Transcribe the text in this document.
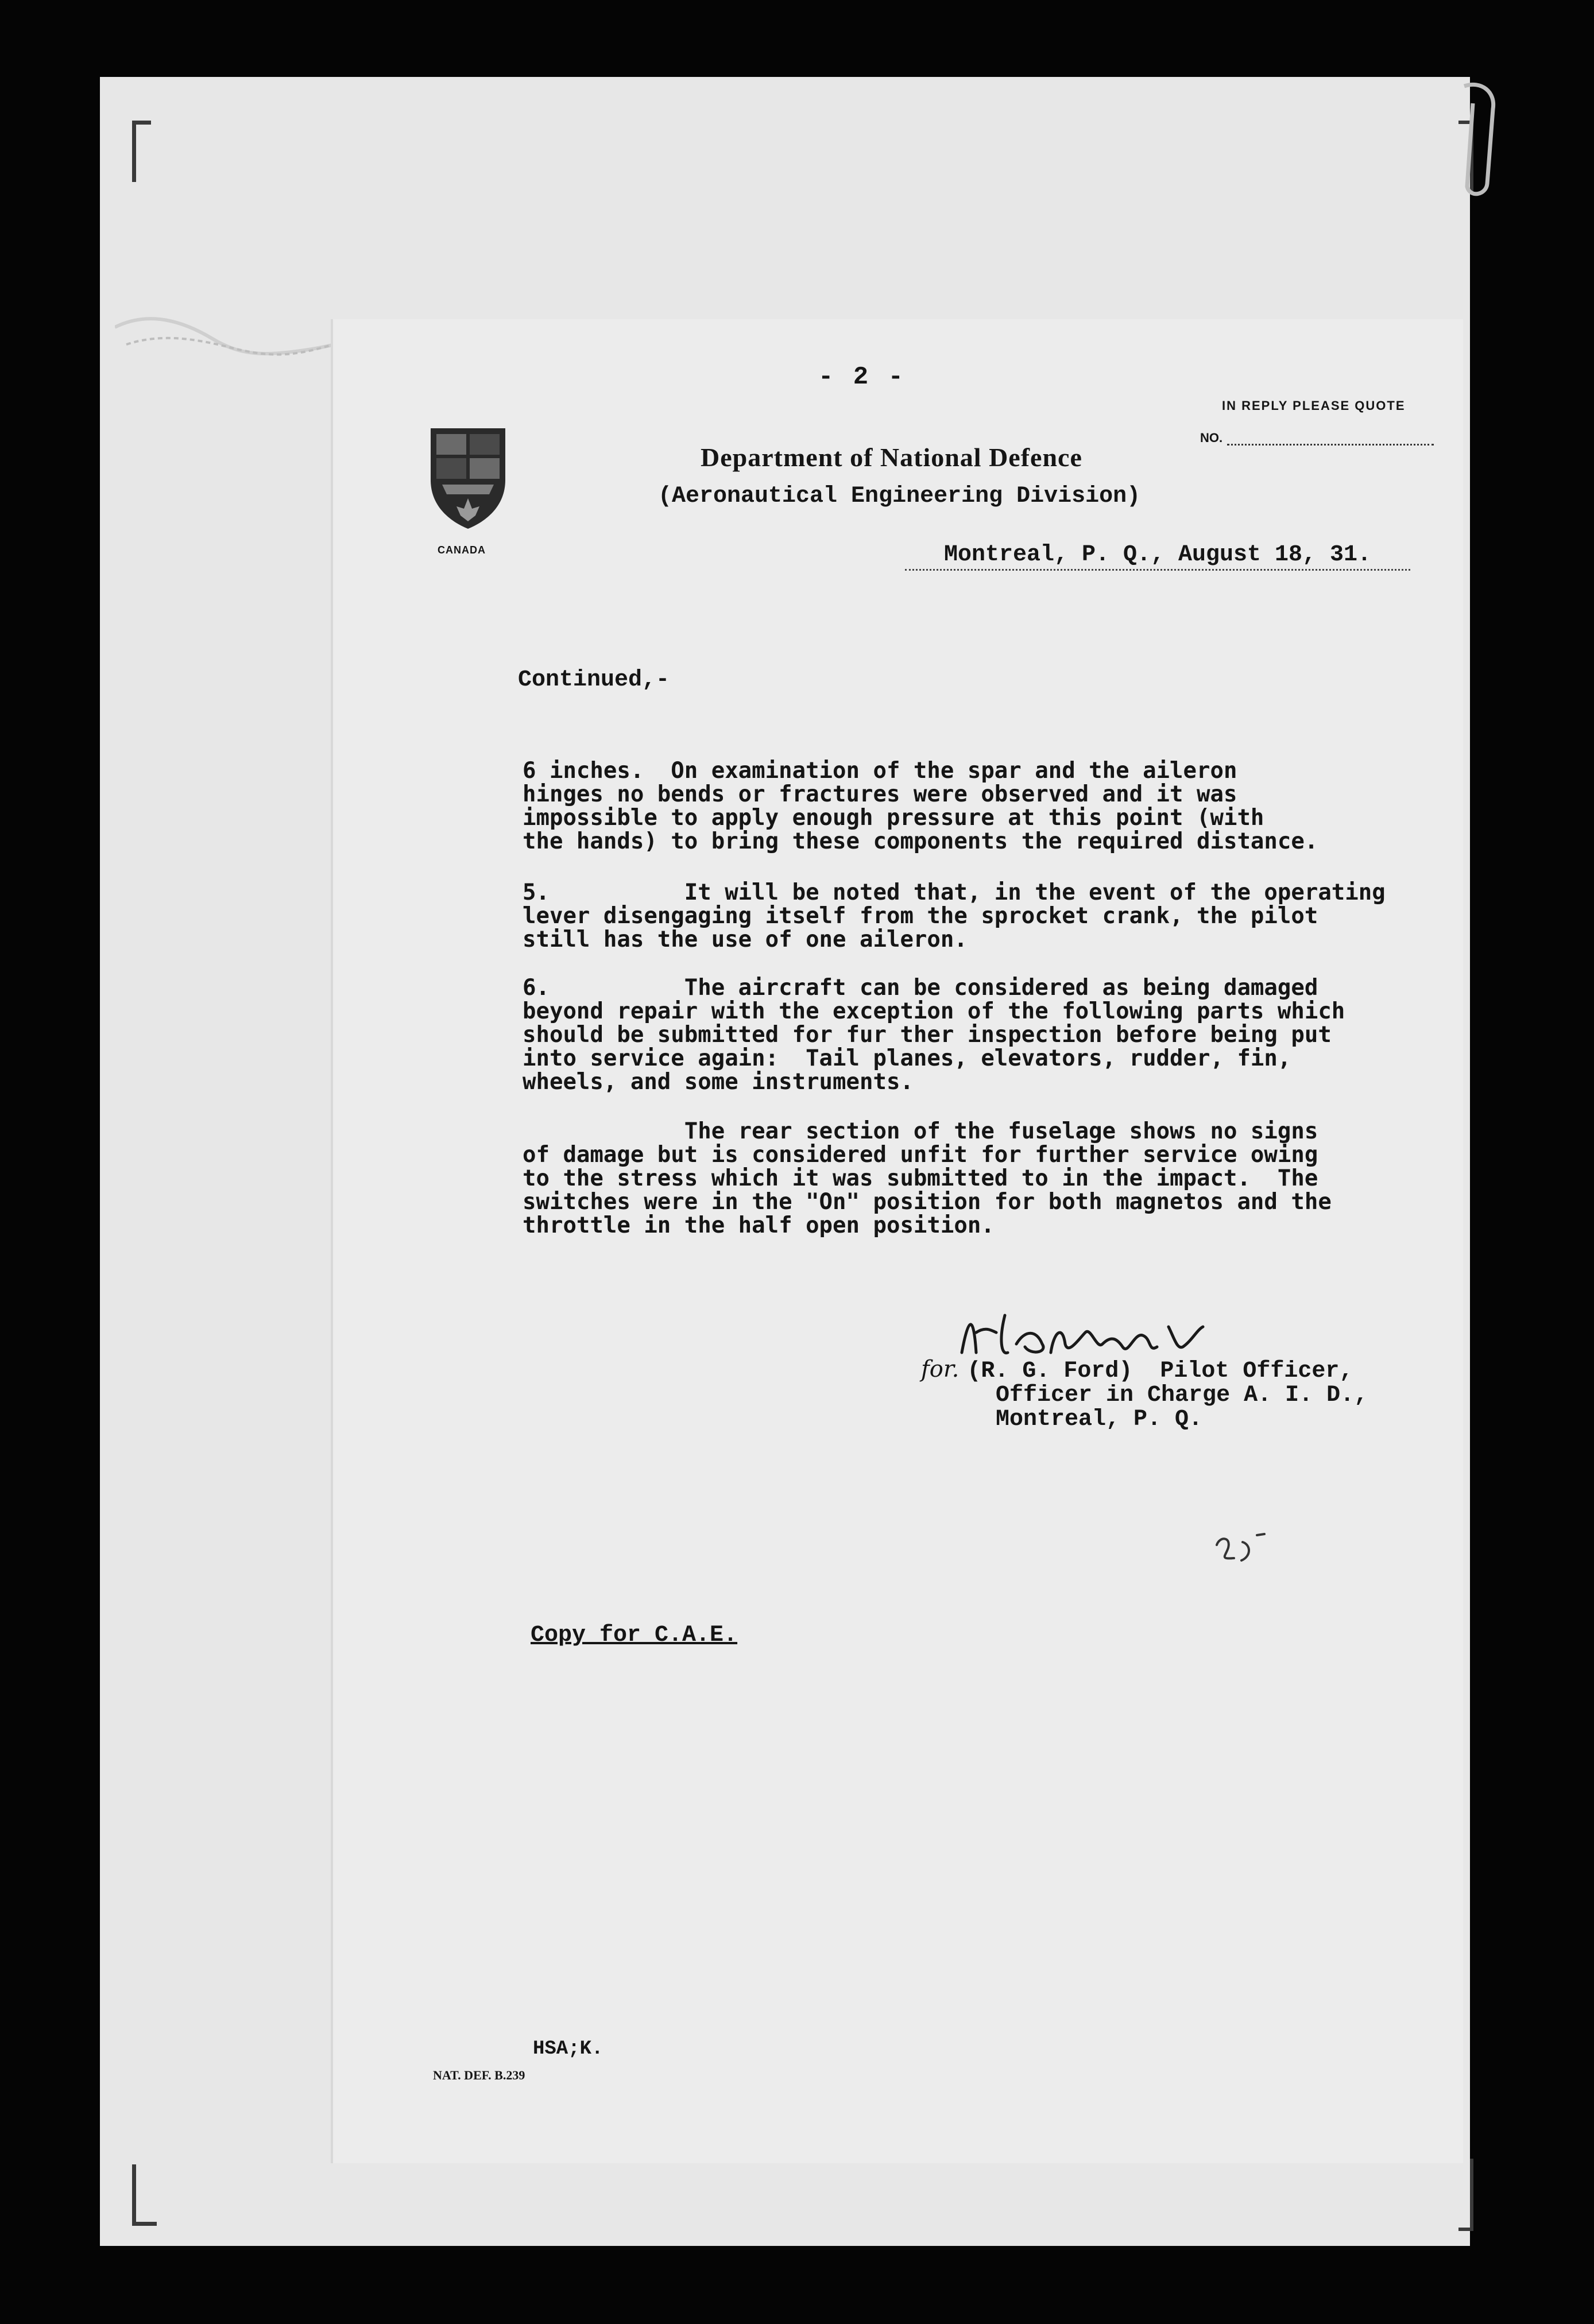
- 2 -
IN REPLY PLEASE QUOTE
NO.
CANADA
Department of National Defence
(Aeronautical Engineering Division)
Montreal, P. Q., August 18, 31.
Continued,-
6 inches.  On examination of the spar and the aileron
hinges no bends or fractures were observed and it was
impossible to apply enough pressure at this point (with
the hands) to bring these components the required distance.
5.          It will be noted that, in the event of the operating
lever disengaging itself from the sprocket crank, the pilot
still has the use of one aileron.
6.          The aircraft can be considered as being damaged
beyond repair with the exception of the following parts which
should be submitted for fur ther inspection before being put
into service again:  Tail planes, elevators, rudder, fin,
wheels, and some instruments.
The rear section of the fuselage shows no signs
of damage but is considered unfit for further service owing
to the stress which it was submitted to in the impact.  The
switches were in the "On" position for both magnetos and the
throttle in the half open position.
for. (R. G. Ford)  Pilot Officer,
Officer in Charge A. I. D.,
Montreal, P. Q.
Copy for C.A.E.
HSA;K.
NAT. DEF. B.239
